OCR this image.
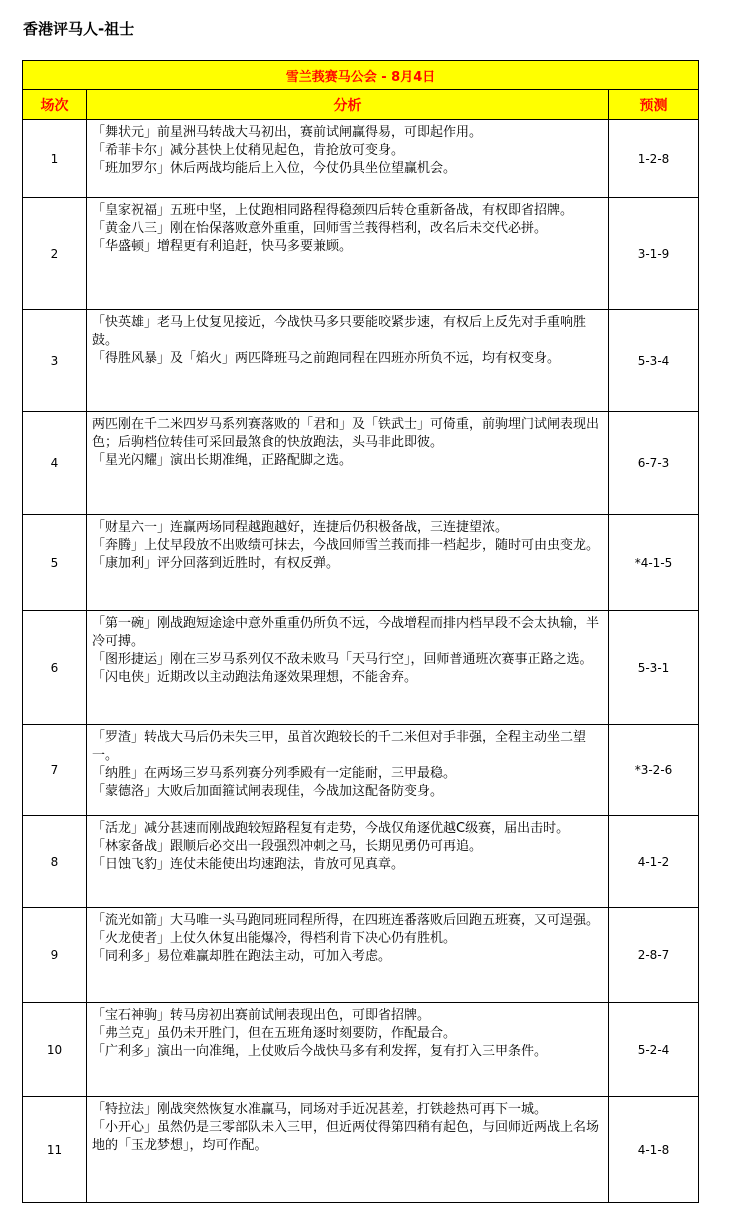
香港评马人-祖士
雪兰莪赛马公会 - 8月4日		
场次	分析	预测
1	「舞状元」前星洲马转战大马初出，赛前试闸赢得易，可即起作用。
「希菲卡尔」减分甚快上仗稍见起色，肯抢放可变身。
「班加罗尔」休后两战均能后上入位，今仗仍具坐位望赢机会。	1-2-8
2	「皇家祝福」五班中坚，上仗跑相同路程得稳颈四后转仓重新备战，有权即省招牌。
「黄金八三」刚在怡保落败意外重重，回师雪兰莪得档利，改名后未交代必拼。
「华盛顿」增程更有利追赶，快马多要兼顾。	3-1-9
3	「快英雄」老马上仗复见接近，今战快马多只要能咬紧步速，有权后上反先对手重响胜鼓。
「得胜风暴」及「焰火」两匹降班马之前跑同程在四班亦所负不远，均有权变身。	5-3-4
4	两匹刚在千二米四岁马系列赛落败的「君和」及「铁武士」可倚重，前驹埋门试闸表现出色；后驹档位转佳可采回最煞食的快放跑法，头马非此即彼。
「星光闪耀」演出长期准绳，正路配脚之选。	6-7-3
5	「财星六一」连赢两场同程越跑越好，连捷后仍积极备战，三连捷望浓。
「奔腾」上仗早段放不出败绩可抹去，今战回师雪兰莪而排一档起步，随时可由虫变龙。
「康加利」评分回落到近胜时，有权反弹。	*4-1-5
6	「第一碗」刚战跑短途途中意外重重仍所负不远，今战增程而排内档早段不会太执输，半冷可搏。
「图形捷运」刚在三岁马系列仅不敌未败马「天马行空」，回师普通班次赛事正路之选。
「闪电侠」近期改以主动跑法角逐效果理想，不能舍弃。	5-3-1
7	「罗渣」转战大马后仍未失三甲，虽首次跑较长的千二米但对手非强，全程主动坐二望一。
「纳胜」在两场三岁马系列赛分列季殿有一定能耐，三甲最稳。
「蒙德洛」大败后加面箍试闸表现佳，今战加这配备防变身。	*3-2-6
8	「活龙」减分甚速而刚战跑较短路程复有走势，今战仅角逐优越C级赛，届出击时。
「林家备战」跟顺后必交出一段强烈冲刺之马，长期见勇仍可再追。
「日蚀飞豹」连仗未能使出均速跑法，肯放可见真章。	4-1-2
9	「流光如箭」大马唯一头马跑同班同程所得，在四班连番落败后回跑五班赛，又可逞强。
「火龙使者」上仗久休复出能爆冷，得档利肯下决心仍有胜机。
「同利多」易位难赢却胜在跑法主动，可加入考虑。	2-8-7
10	「宝石神驹」转马房初出赛前试闸表现出色，可即省招牌。
「弗兰克」虽仍未开胜门，但在五班角逐时刻要防，作配最合。
「广利多」演出一向准绳，上仗败后今战快马多有利发挥，复有打入三甲条件。	5-2-4
11	「特拉法」刚战突然恢复水准赢马，同场对手近况甚差，打铁趁热可再下一城。
「小开心」虽然仍是三零部队未入三甲，但近两仗得第四稍有起色，与回师近两战上名场地的「玉龙梦想」，均可作配。	4-1-8
